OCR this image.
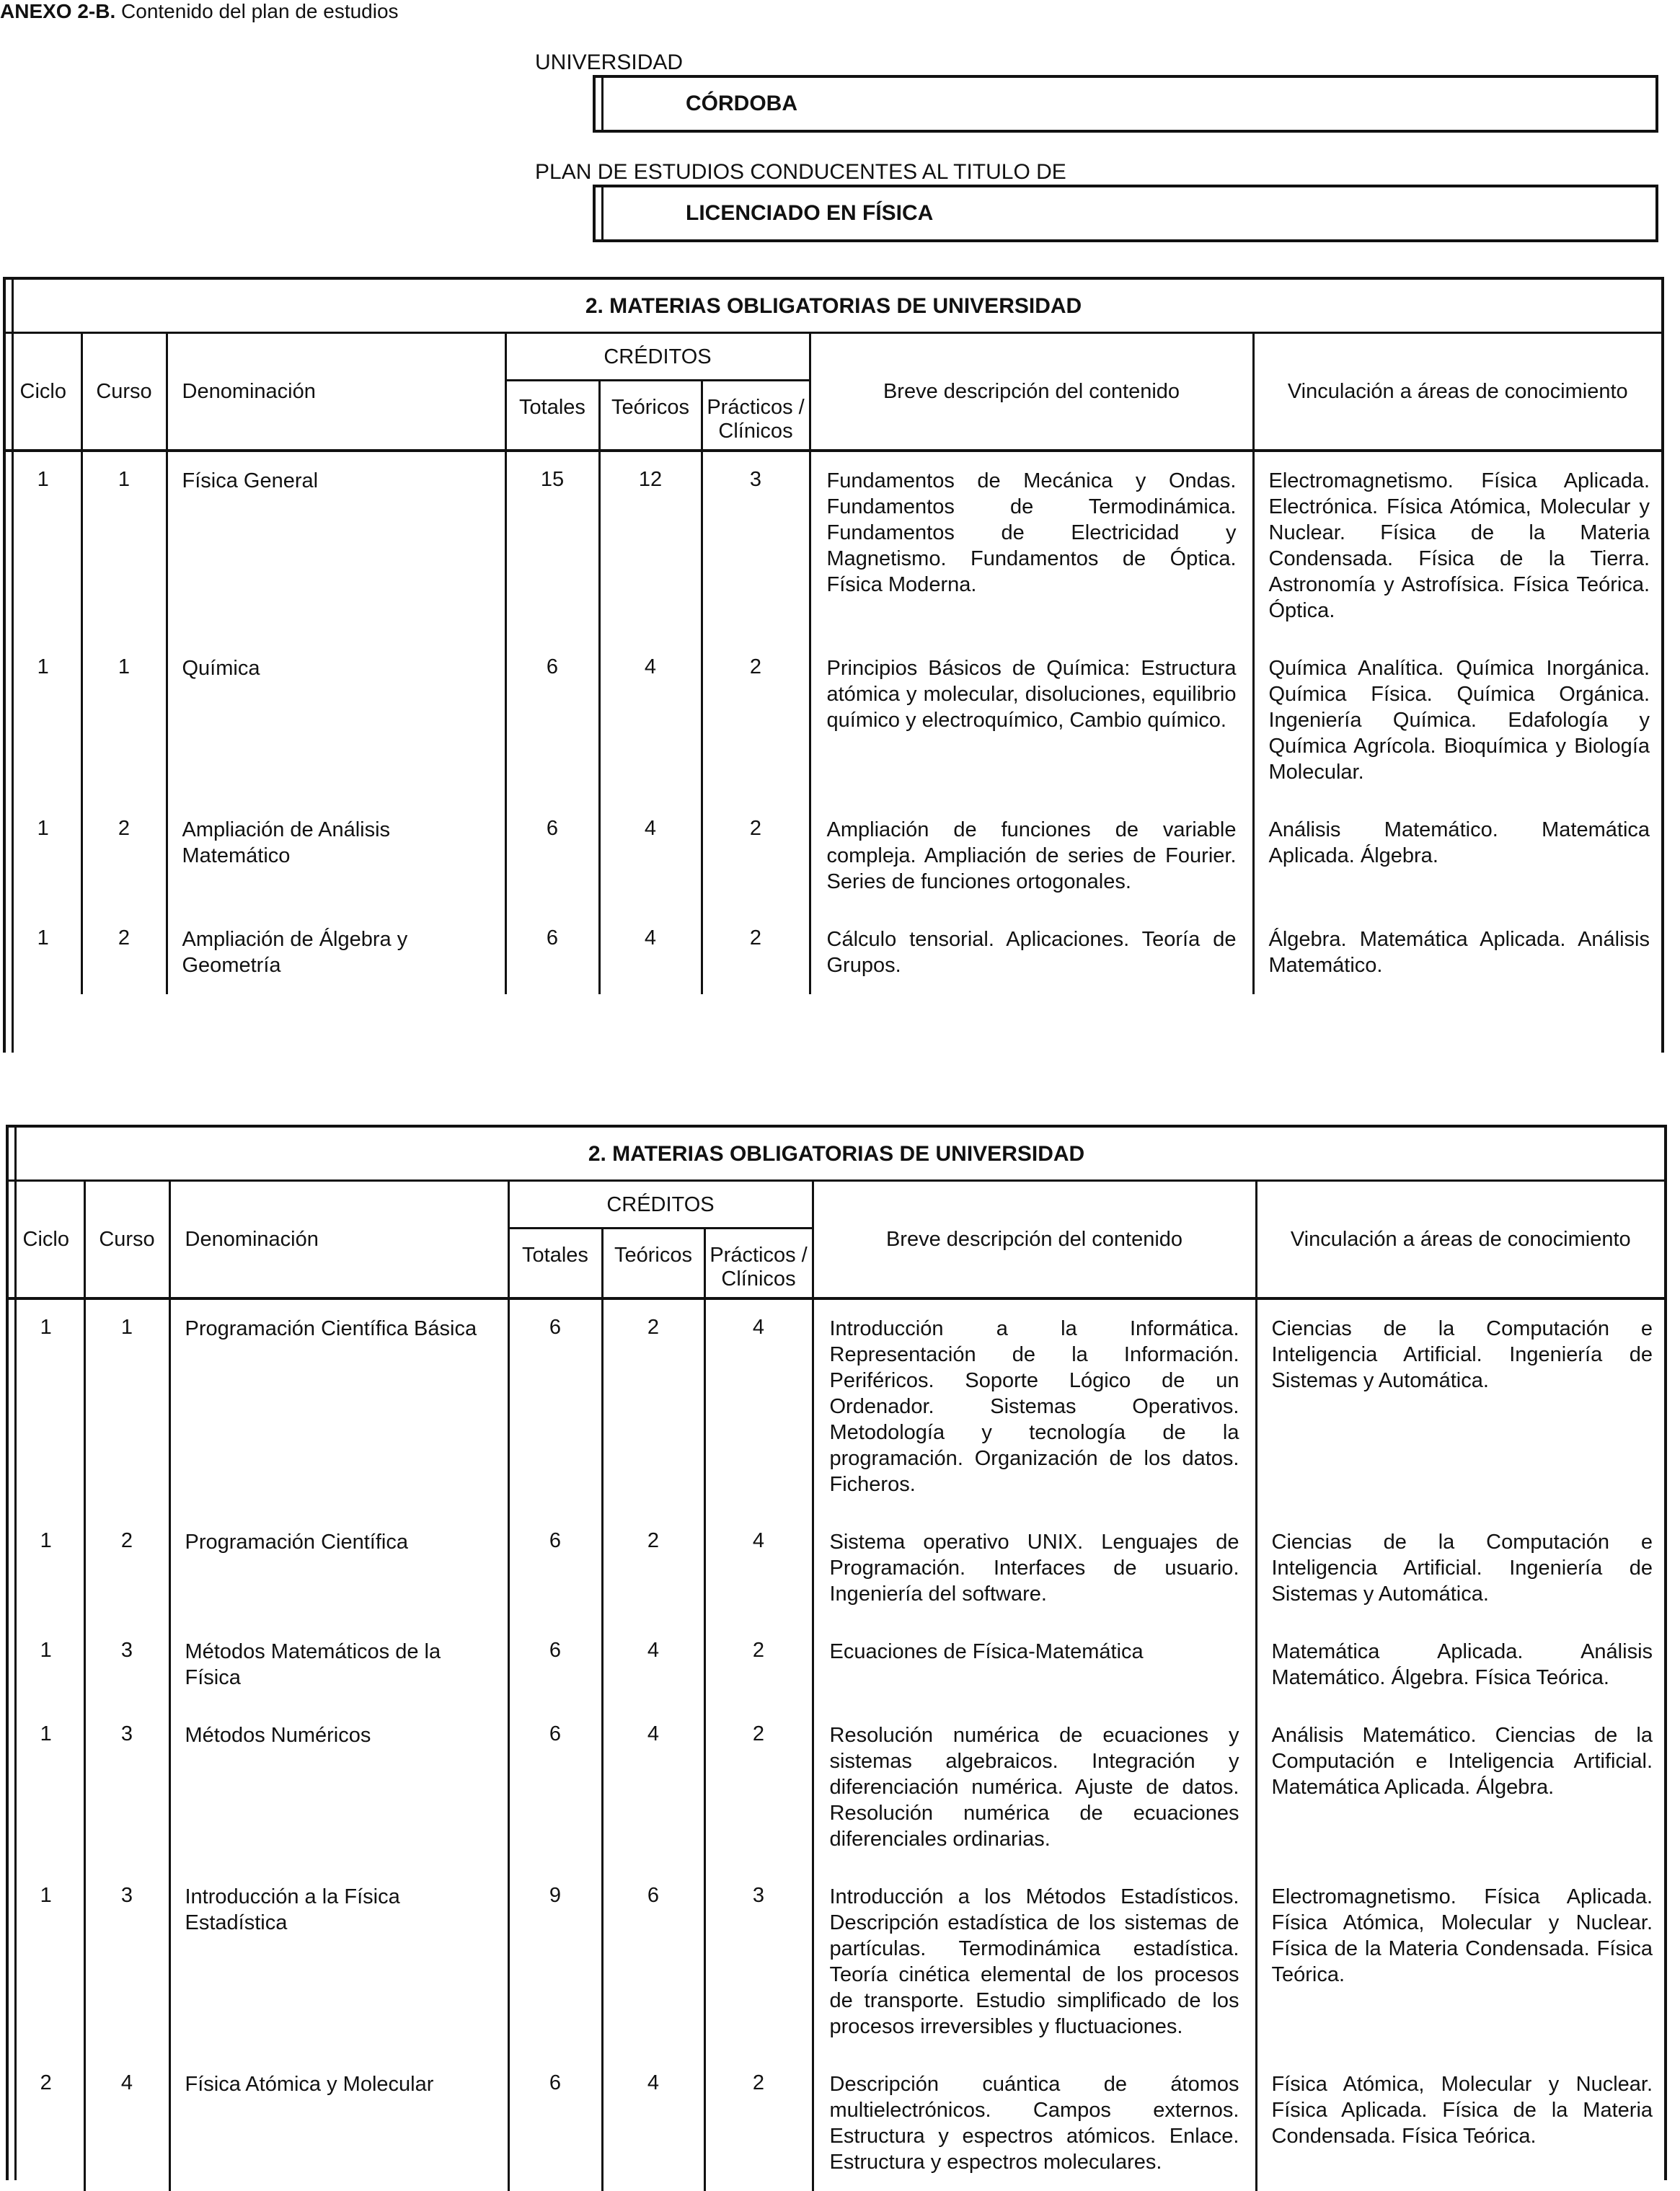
ANEXO 2-B. Contenido del plan de estudios
UNIVERSIDAD
CÓRDOBA
PLAN DE ESTUDIOS CONDUCENTES AL TITULO DE
LICENCIADO EN FÍSICA
2. MATERIAS OBLIGATORIAS DE UNIVERSIDAD							
Ciclo	Curso	Denominación	CRÉDITOS			Breve descripción del contenido	Vinculación a áreas de conocimiento
			Totales	Teóricos	Prácticos / Clínicos		
1	1	Física General	15	12	3	Fundamentos de Mecánica y Ondas. Fundamentos de Termodinámica. Fundamentos de Electricidad y Magnetismo. Fundamentos de Óptica. Física Moderna.	Electromagnetismo. Física Aplicada. Electrónica. Física Atómica, Molecular y Nuclear. Física de la Materia Condensada. Física de la Tierra. Astronomía y Astrofísica. Física Teórica. Óptica.
1	1	Química	6	4	2	Principios Básicos de Química: Estructura atómica y molecular, disoluciones, equilibrio químico y electroquímico, Cambio químico.	Química Analítica. Química Inorgánica. Química Física. Química Orgánica. Ingeniería Química. Edafología y Química Agrícola. Bioquímica y Biología Molecular.
1	2	Ampliación de Análisis Matemático	6	4	2	Ampliación de funciones de variable compleja. Ampliación de series de Fourier. Series de funciones ortogonales.	Análisis Matemático. Matemática Aplicada. Álgebra.
1	2	Ampliación de Álgebra y Geometría	6	4	2	Cálculo tensorial. Aplicaciones. Teoría de Grupos.	Álgebra. Matemática Aplicada. Análisis Matemático.
2. MATERIAS OBLIGATORIAS DE UNIVERSIDAD							
Ciclo	Curso	Denominación	CRÉDITOS			Breve descripción del contenido	Vinculación a áreas de conocimiento
			Totales	Teóricos	Prácticos / Clínicos		
1	1	Programación Científica Básica	6	2	4	Introducción a la Informática. Representación de la Información. Periféricos. Soporte Lógico de un Ordenador. Sistemas Operativos. Metodología y tecnología de la programación. Organización de los datos. Ficheros.	Ciencias de la Computación e Inteligencia Artificial. Ingeniería de Sistemas y Automática.
1	2	Programación Científica	6	2	4	Sistema operativo UNIX. Lenguajes de Programación. Interfaces de usuario. Ingeniería del software.	Ciencias de la Computación e Inteligencia Artificial. Ingeniería de Sistemas y Automática.
1	3	Métodos Matemáticos de la Física	6	4	2	Ecuaciones de Física-Matemática	Matemática Aplicada. Análisis Matemático. Álgebra. Física Teórica.
1	3	Métodos Numéricos	6	4	2	Resolución numérica de ecuaciones y sistemas algebraicos. Integración y diferenciación numérica. Ajuste de datos. Resolución numérica de ecuaciones diferenciales ordinarias.	Análisis Matemático. Ciencias de la Computación e Inteligencia Artificial. Matemática Aplicada. Álgebra.
1	3	Introducción a la Física Estadística	9	6	3	Introducción a los Métodos Estadísticos. Descripción estadística de los sistemas de partículas. Termodinámica estadística. Teoría cinética elemental de los procesos de transporte. Estudio simplificado de los procesos irreversibles y fluctuaciones.	Electromagnetismo. Física Aplicada. Física Atómica, Molecular y Nuclear. Física de la Materia Condensada. Física Teórica.
2	4	Física Atómica y Molecular	6	4	2	Descripción cuántica de átomos multielectrónicos. Campos externos. Estructura y espectros atómicos. Enlace. Estructura y espectros moleculares.	Física Atómica, Molecular y Nuclear. Física Aplicada. Física de la Materia Condensada. Física Teórica.
